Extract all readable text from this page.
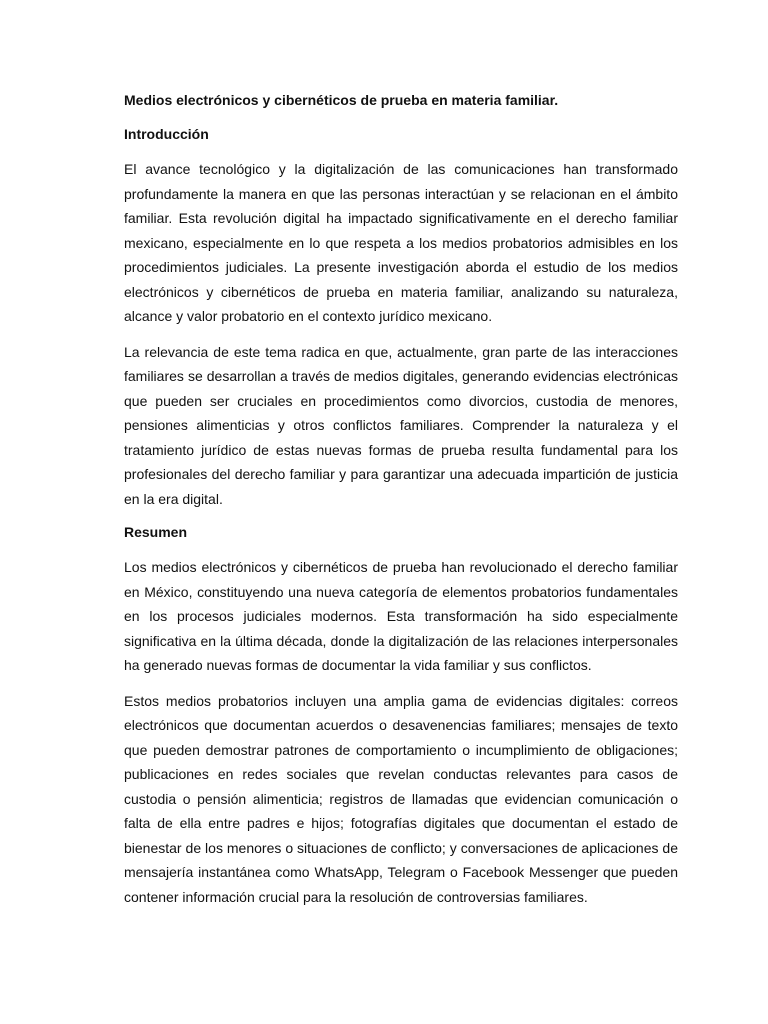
Medios electrónicos y cibernéticos de prueba en materia familiar.
Introducción

El avance tecnológico y la digitalización de las comunicaciones han transformado profundamente la manera en que las personas interactúan y se relacionan en el ámbito familiar. Esta revolución digital ha impactado significativamente en el derecho familiar mexicano, especialmente en lo que respeta a los medios probatorios admisibles en los procedimientos judiciales. La presente investigación aborda el estudio de los medios electrónicos y cibernéticos de prueba en materia familiar, analizando su naturaleza, alcance y valor probatorio en el contexto jurídico mexicano.

La relevancia de este tema radica en que, actualmente, gran parte de las interacciones familiares se desarrollan a través de medios digitales, generando evidencias electrónicas que pueden ser cruciales en procedimientos como divorcios, custodia de menores, pensiones alimenticias y otros conflictos familiares. Comprender la naturaleza y el tratamiento jurídico de estas nuevas formas de prueba resulta fundamental para los profesionales del derecho familiar y para garantizar una adecuada impartición de justicia en la era digital.

Resumen

Los medios electrónicos y cibernéticos de prueba han revolucionado el derecho familiar en México, constituyendo una nueva categoría de elementos probatorios fundamentales en los procesos judiciales modernos. Esta transformación ha sido especialmente significativa en la última década, donde la digitalización de las relaciones interpersonales ha generado nuevas formas de documentar la vida familiar y sus conflictos.

Estos medios probatorios incluyen una amplia gama de evidencias digitales: correos electrónicos que documentan acuerdos o desavenencias familiares; mensajes de texto que pueden demostrar patrones de comportamiento o incumplimiento de obligaciones; publicaciones en redes sociales que revelan conductas relevantes para casos de custodia o pensión alimenticia; registros de llamadas que evidencian comunicación o falta de ella entre padres e hijos; fotografías digitales que documentan el estado de bienestar de los menores o situaciones de conflicto; y conversaciones de aplicaciones de mensajería instantánea como WhatsApp, Telegram o Facebook Messenger que pueden contener información crucial para la resolución de controversias familiares.
